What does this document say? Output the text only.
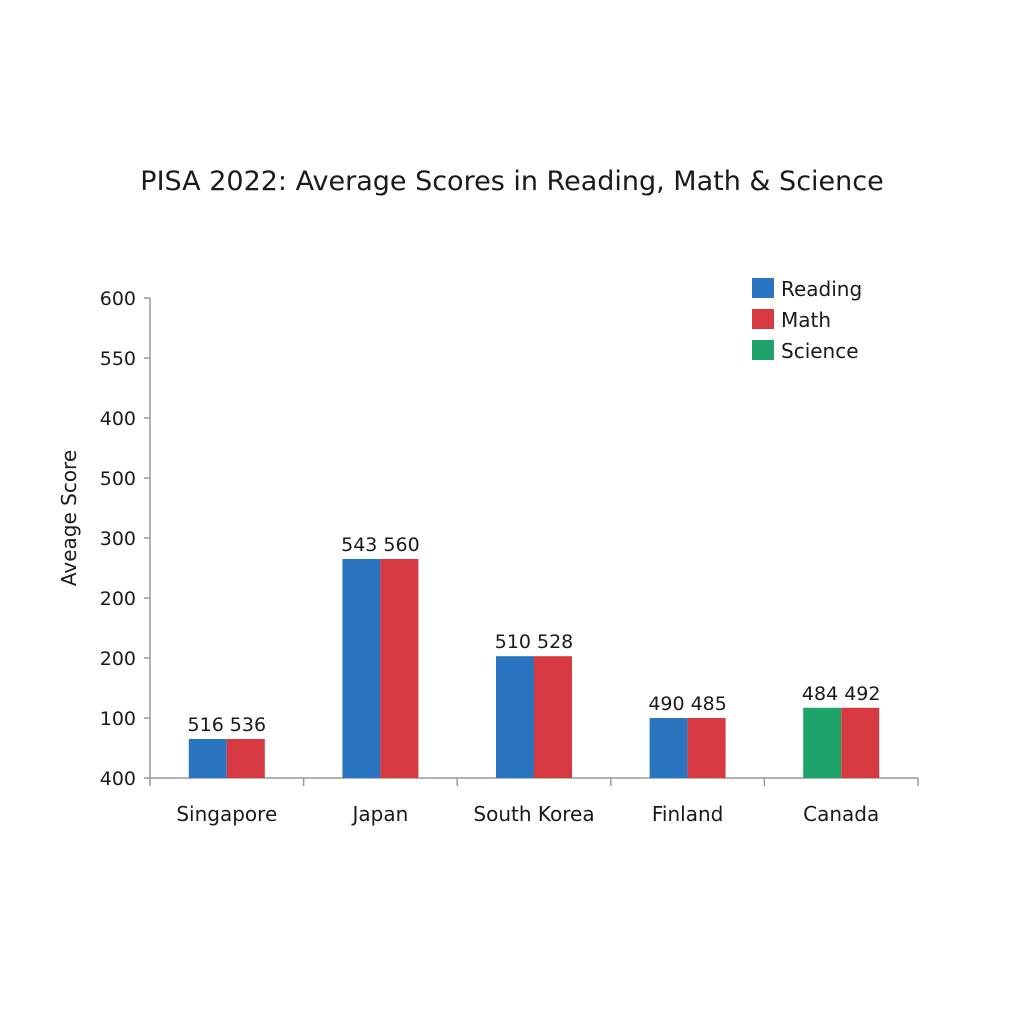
PISA 2022: Average Scores in Reading, Math & Science
Aveage Score
400
100
200
200
300
500
400
550
600
Singapore	Japan	South Korea	Finland	Canada
516 536
543 560
510 528
490 485	484 492
Reading
Math
Science
